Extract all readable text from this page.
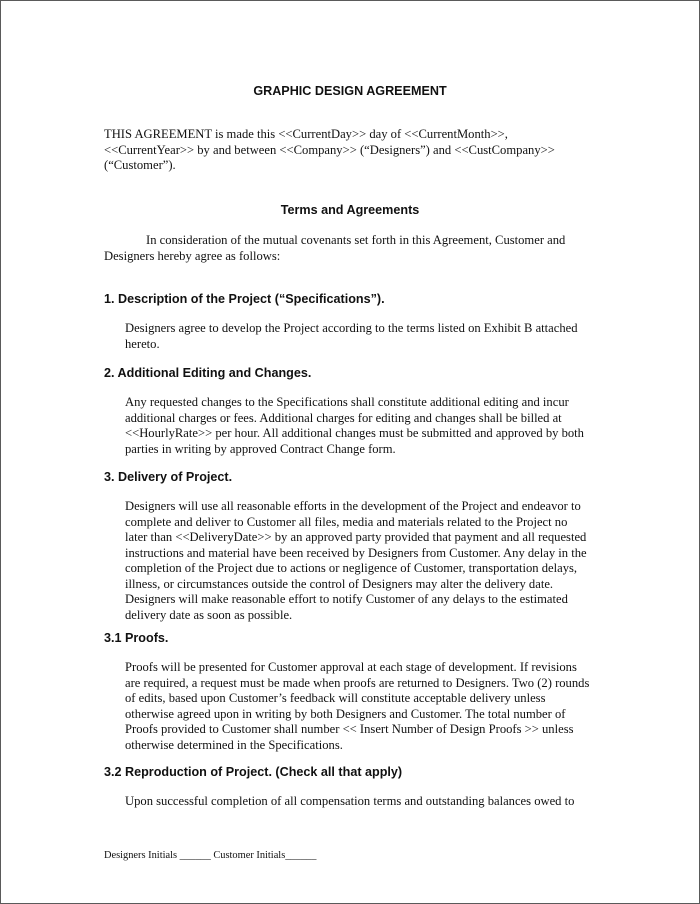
GRAPHIC DESIGN AGREEMENT

THIS AGREEMENT is made this <<CurrentDay>> day of <<CurrentMonth>>, <<CurrentYear>> by and between <<Company>> (“Designers”) and <<CustCompany>> (“Customer”).

Terms and Agreements

In consideration of the mutual covenants set forth in this Agreement, Customer and Designers hereby agree as follows:

1. Description of the Project (“Specifications”).

Designers agree to develop the Project according to the terms listed on Exhibit B attached hereto.

2. Additional Editing and Changes.

Any requested changes to the Specifications shall constitute additional editing and incur additional charges or fees. Additional charges for editing and changes shall be billed at <<HourlyRate>> per hour. All additional changes must be submitted and approved by both parties in writing by approved Contract Change form.

3. Delivery of Project.

Designers will use all reasonable efforts in the development of the Project and endeavor to complete and deliver to Customer all files, media and materials related to the Project no later than <<DeliveryDate>> by an approved party provided that payment and all requested instructions and material have been received by Designers from Customer. Any delay in the completion of the Project due to actions or negligence of Customer, transportation delays, illness, or circumstances outside the control of Designers may alter the delivery date. Designers will make reasonable effort to notify Customer of any delays to the estimated delivery date as soon as possible.

3.1 Proofs.

Proofs will be presented for Customer approval at each stage of development. If revisions are required, a request must be made when proofs are returned to Designers. Two (2) rounds of edits, based upon Customer’s feedback will constitute acceptable delivery unless otherwise agreed upon in writing by both Designers and Customer. The total number of Proofs provided to Customer shall number << Insert Number of Design Proofs >> unless otherwise determined in the Specifications.

3.2 Reproduction of Project. (Check all that apply)

Upon successful completion of all compensation terms and outstanding balances owed to

Designers Initials ______ Customer Initials______
